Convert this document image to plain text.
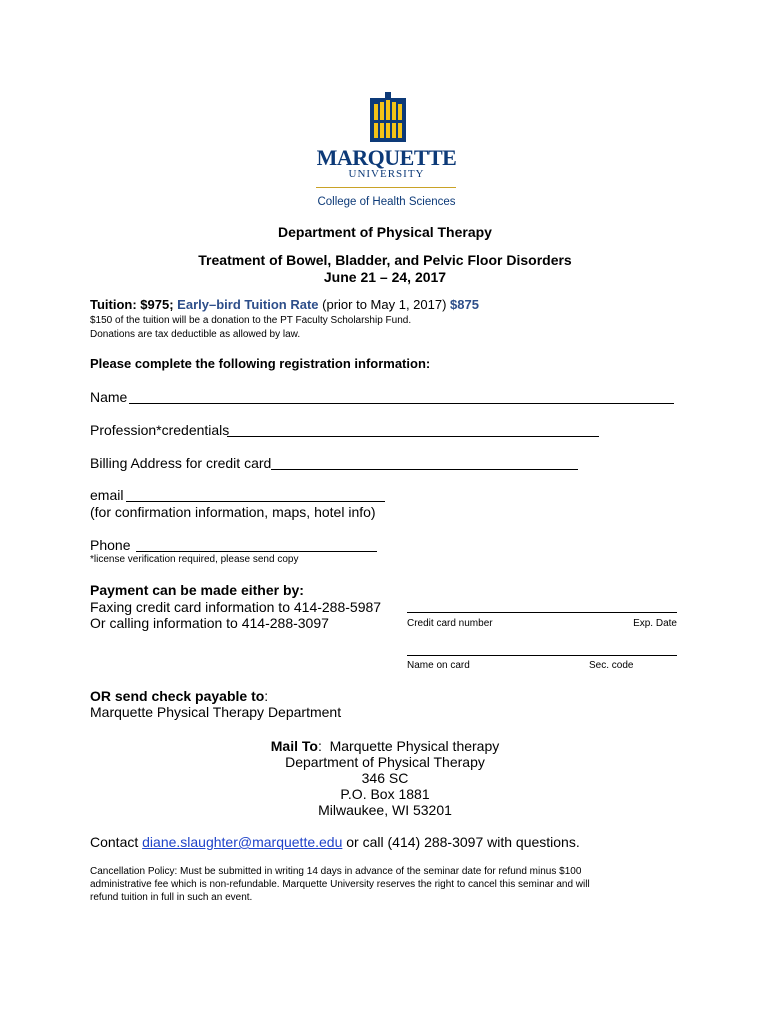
MARQUETTE
UNIVERSITY
College of Health Sciences
Department of Physical Therapy
Treatment of Bowel, Bladder, and Pelvic Floor Disorders
June 21 – 24, 2017
Tuition: $975; Early–bird Tuition Rate (prior to May 1, 2017) $875
$150 of the tuition will be a donation to the PT Faculty Scholarship Fund.
Donations are tax deductible as allowed by law.
Please complete the following registration information:
Name
Profession*credentials
Billing Address for credit card
email
(for confirmation information, maps, hotel info)
Phone
*license verification required, please send copy
Payment can be made either by:
Faxing credit card information to 414-288-5987
Or calling information to 414-288-3097	Credit card number	Exp. Date
Name on card	Sec. code
OR send check payable to:
Marquette Physical Therapy Department
Mail To: Marquette Physical therapy
Department of Physical Therapy
346 SC
P.O. Box 1881
Milwaukee, WI 53201
Contact diane.slaughter@marquette.edu or call (414) 288-3097 with questions.
Cancellation Policy: Must be submitted in writing 14 days in advance of the seminar date for refund minus $100
administrative fee which is non-refundable. Marquette University reserves the right to cancel this seminar and will
refund tuition in full in such an event.
